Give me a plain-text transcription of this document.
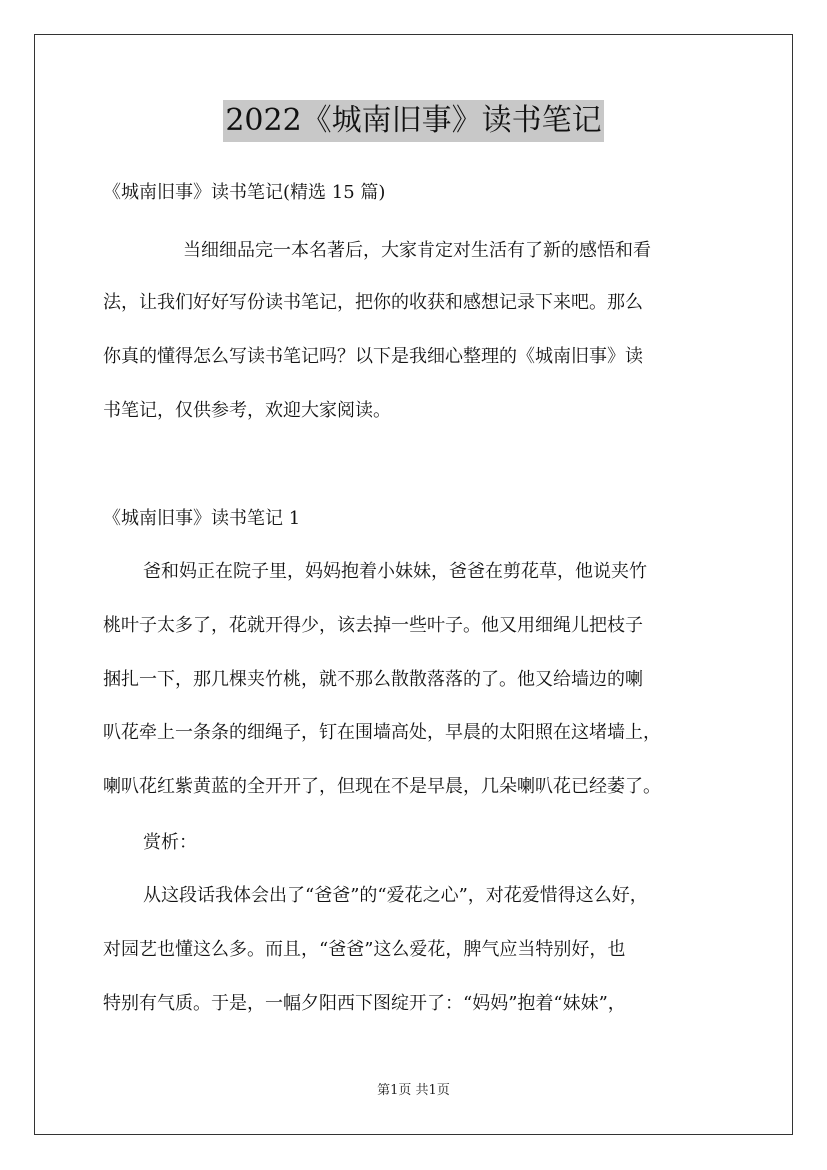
2022《城南旧事》读书笔记

《城南旧事》读书笔记(精选 15 篇)

当细细品完一本名著后，大家肯定对生活有了新的感悟和看

法，让我们好好写份读书笔记，把你的收获和感想记录下来吧。那么

你真的懂得怎么写读书笔记吗？以下是我细心整理的《城南旧事》读

书笔记，仅供参考，欢迎大家阅读。

《城南旧事》读书笔记 1

爸和妈正在院子里，妈妈抱着小妹妹，爸爸在剪花草，他说夹竹

桃叶子太多了，花就开得少，该去掉一些叶子。他又用细绳儿把枝子

捆扎一下，那几棵夹竹桃，就不那么散散落落的了。他又给墙边的喇

叭花牵上一条条的细绳子，钉在围墙高处，早晨的太阳照在这堵墙上，

喇叭花红紫黄蓝的全开开了，但现在不是早晨，几朵喇叭花已经萎了。

赏析：

从这段话我体会出了“爸爸”的“爱花之心”，对花爱惜得这么好，

对园艺也懂这么多。而且，“爸爸”这么爱花，脾气应当特别好，也

特别有气质。于是，一幅夕阳西下图绽开了：“妈妈”抱着“妹妹”，

第1页 共1页
